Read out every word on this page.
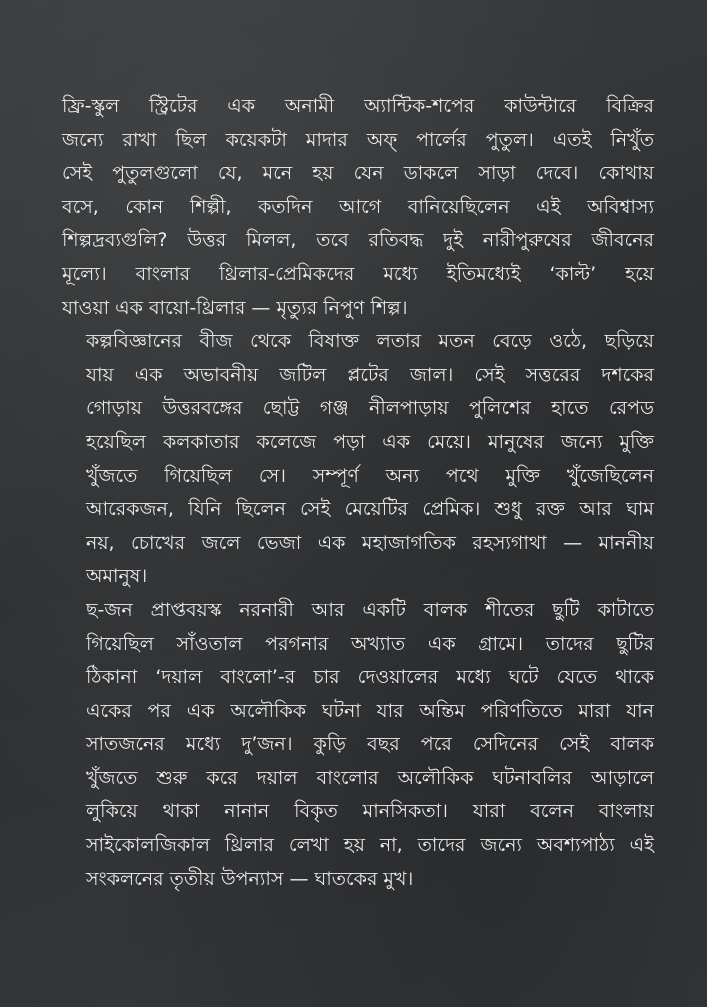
ফ্রি-স্কুল স্ট্রিটের এক অনামী অ্যান্টিক-শপের কাউন্টারে বিক্রির
জন্যে রাখা ছিল কয়েকটা মাদার অফ্‌ পার্লের পুতুল। এতই নিখুঁত
সেই পুতুলগুলো যে, মনে হয় যেন ডাকলে সাড়া দেবে। কোথায়
বসে, কোন শিল্পী, কতদিন আগে বানিয়েছিলেন এই অবিশ্বাস্য
শিল্পদ্রব্যগুলি? উত্তর মিলল, তবে রতিবদ্ধ দুই নারীপুরুষের জীবনের
মূল্যে। বাংলার থ্রিলার-প্রেমিকদের মধ্যে ইতিমধ্যেই ‘কাল্ট’ হয়ে
যাওয়া এক বায়ো-থ্রিলার — মৃত্যুর নিপুণ শিল্প।

কল্পবিজ্ঞানের বীজ থেকে বিষাক্ত লতার মতন বেড়ে ওঠে, ছড়িয়ে
যায় এক অভাবনীয় জটিল প্লটের জাল। সেই সত্তরের দশকের
গোড়ায় উত্তরবঙ্গের ছোট্ট গঞ্জ নীলপাড়ায় পুলিশের হাতে রেপড
হয়েছিল কলকাতার কলেজে পড়া এক মেয়ে। মানুষের জন্যে মুক্তি
খুঁজতে গিয়েছিল সে। সম্পূর্ণ অন্য পথে মুক্তি খুঁজেছিলেন
আরেকজন, যিনি ছিলেন সেই মেয়েটির প্রেমিক। শুধু রক্ত আর ঘাম
নয়, চোখের জলে ভেজা এক মহাজাগতিক রহস্যগাথা — মাননীয়
অমানুষ।

ছ-জন প্রাপ্তবয়স্ক নরনারী আর একটি বালক শীতের ছুটি কাটাতে
গিয়েছিল সাঁওতাল পরগনার অখ্যাত এক গ্রামে। তাদের ছুটির
ঠিকানা ‘দয়াল বাংলো’-র চার দেওয়ালের মধ্যে ঘটে যেতে থাকে
একের পর এক অলৌকিক ঘটনা যার অন্তিম পরিণতিতে মারা যান
সাতজনের মধ্যে দু’জন। কুড়ি বছর পরে সেদিনের সেই বালক
খুঁজতে শুরু করে দয়াল বাংলোর অলৌকিক ঘটনাবলির আড়ালে
লুকিয়ে থাকা নানান বিকৃত মানসিকতা। যারা বলেন বাংলায়
সাইকোলজিকাল থ্রিলার লেখা হয় না, তাদের জন্যে অবশ্যপাঠ্য এই
সংকলনের তৃতীয় উপন্যাস — ঘাতকের মুখ।
